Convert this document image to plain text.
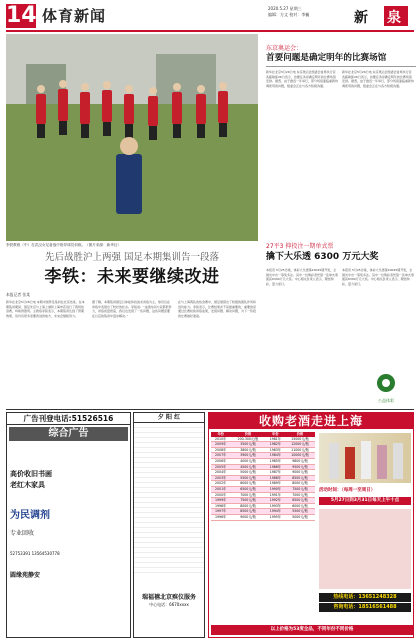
14 体育新闻	2020.5.27 星期三
编辑：方文 校对：李巍	新 泉
李铁教练（中）在武汉女足备战中指导球员训练。（图片来源：新华社）
先后战胜沪上两强 国足本期集训告一段落
李铁：未来要继续改进
本报记者 张某
新华社北京5月26日电 本期中国男足集训在北京结束。在本期集训期间，国足先后与上海上港和上海申花进行了两场热身赛，均取得胜利。主教练李铁表示，本期集训达到了预期效果，但仍有很多需要改进的地方，未来会继续努力。
据了解，本期集训国足以体能和技战术训练为主，球员们在训练中表现出了较好的状态。李铁说：“这段时间大家都很努力，训练质量很高，我们也发现了一些问题，这些问题需要在以后的集训中逐步解决。”
在与上海两队的热身赛中，国足展现出了较强的团队作风和进攻能力。李铁表示，比赛结果并不是最重要的，重要的是通过比赛检验训练成果，发现问题、解决问题，为下一阶段的比赛做好准备。
东京奥运会：
首要问题是确定明年的比赛场馆
新华社北京5月26日电 东京奥运会组委会首席执行官武藤敏郎26日表示，首要任务是确定明年的比赛场馆安排。据悉，由于推迟一年举行，部分场馆面临重新协调使用的问题，组委会正在与各方积极沟通。
新华社北京5月26日电 东京奥运会组委会首席执行官武藤敏郎26日表示，首要任务是确定明年的比赛场馆安排。据悉，由于推迟一年举行，部分场馆面临重新协调使用的问题，组委会正在与各方积极沟通。
27平3 抑投注一期单式票
擒下大乐透 6300 万元大奖
本报讯 5月25日晚，体彩大乐透第20045期开奖，全国共中出一等奖多注。其中一位购彩者凭借一张单式票揽获6300万元大奖。中心相关负责人表示，理性购彩，量力而行。
本报讯 5月25日晚，体彩大乐透第20045期开奖，全国共中出一等奖多注。其中一位购彩者凭借一张单式票揽获6300万元大奖。中心相关负责人表示，理性购彩，量力而行。
公益体彩
广告刊登电话:51526516
综合广告
高价收旧书画
老红木家具
为民调剂
专业回收
52753391 13564530778
圆缘苑静安
夕 阳 红
瑞福禧北京殡仪服务
中心电话：6670xxxx
收购老酒走进上海
年份	价格	年份	价格
2010年	200-300元/瓶	1981年	15000元/瓶
2009年	3500元/瓶	1982年	12000元/瓶
2008年	3800元/瓶	1983年	11000元/瓶
2007年	3900元/瓶	1984年	10000元/瓶
2006年	4000元/瓶	1985年	9800元/瓶
2005年	4500元/瓶	1986年	9500元/瓶
2004年	5000元/瓶	1987年	9000元/瓶
2003年	5500元/瓶	1988年	8500元/瓶
2002年	6000元/瓶	1989年	8000元/瓶
2001年	6500元/瓶	1990年	7500元/瓶
2000年	7000元/瓶	1991年	7000元/瓶
1999年	7500元/瓶	1992年	6500元/瓶
1998年	8000元/瓶	1993年	6000元/瓶
1997年	8500元/瓶	1994年	5500元/瓶
1996年	9000元/瓶	1995年	5000元/瓶
活动时间：（每周一至周日）
5月27日到3月31日每天上午十点
热线电话：13651248328
咨询电话：18516561488
以上价格为53度全品，不同年份不同价格
